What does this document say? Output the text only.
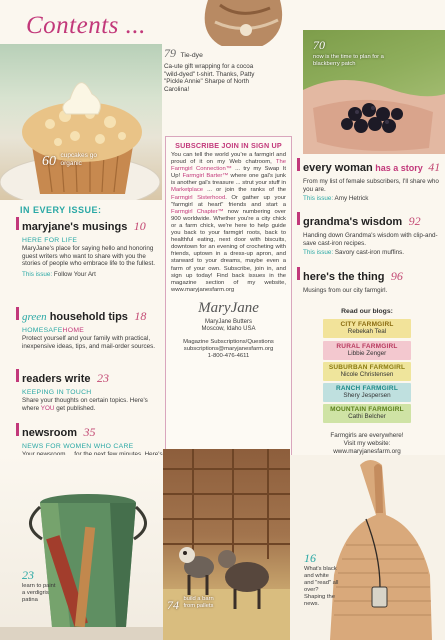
Contents ...
60 cupcakes go organic
79 Tie-dye
Ca-ute gift wrapping for a cocoa "wild-dyed" t-shirt. Thanks, Patty "Pickle Annie" Sharpe of North Carolina!
70
now is the time to plan for a blackberry patch
IN EVERY ISSUE:
maryjane's musings 10
HERE FOR LIFE
MaryJane's place for saying hello and honoring guest writers who want to share with you the stories of people who embrace life to the fullest.
This issue: Follow Your Art
green household tips 18
HOMESAFEHOME
Protect yourself and your family with practical, inexpensive ideas, tips, and mail-order sources.
readers write 23
KEEPING IN TOUCH
Share your thoughts on certain topics. Here's where YOU get published.
newsroom 35
NEWS FOR WOMEN WHO CARE
SUBSCRIBE JOIN IN SIGN UP
You can tell the world you're a farmgirl and proud of it on my Web chatroom, The Farmgirl Connection™ ... try my Swap It Up! Farmgirl Barter™ where one gal's junk is another gal's treasure ... strut your stuff in Marketplace ... or join the ranks of the Farmgirl Sisterhood. Or gather up your "farmgirl at heart" friends and start a Farmgirl Chapter™ now numbering over 900 worldwide. Whether you're a city chick or a farm chick, we're here to help guide you back to your farmgirl roots, back to healthful eating, next door with biscuits, downtown for an evening of crocheting with friends, uptown in a dress-up apron, and starward to your dreams, maybe even a farm of your own. Subscribe, join in, and sign up today! Find back issues in the magazine section of my website, www.maryjanesfarm.org
MaryJane
MaryJane Butters
Moscow, Idaho USA
Magazine Subscriptions/Questions
subscriptions@maryjanesfarm.org
1-800-476-4611
every woman has a story 41
From my list of female subscribers, I'll share who you are.
This issue: Amy Hetrick
grandma's wisdom 92
Handing down Grandma's wisdom with clip-and-save cast-iron recipes.
This issue: Savory cast-iron muffins.
here's the thing 96
Musings from our city farmgirl.
Read our blogs:
CITY FARMGIRL
Rebekah Teal
RURAL FARMGIRL
Libbie Zenger
SUBURBAN FARMGIRL
Nicole Christensen
RANCH FARMGIRL
Shery Jespersen
MOUNTAIN FARMGIRL
Cathi Belcher
Farmgirls are everywhere!
Visit my website:
www.maryjanesfarm.org
23
learn to paint a verdigris patina	74 build a barn from pallets
16
What's black and white and "read" all over? Shaping the news.
